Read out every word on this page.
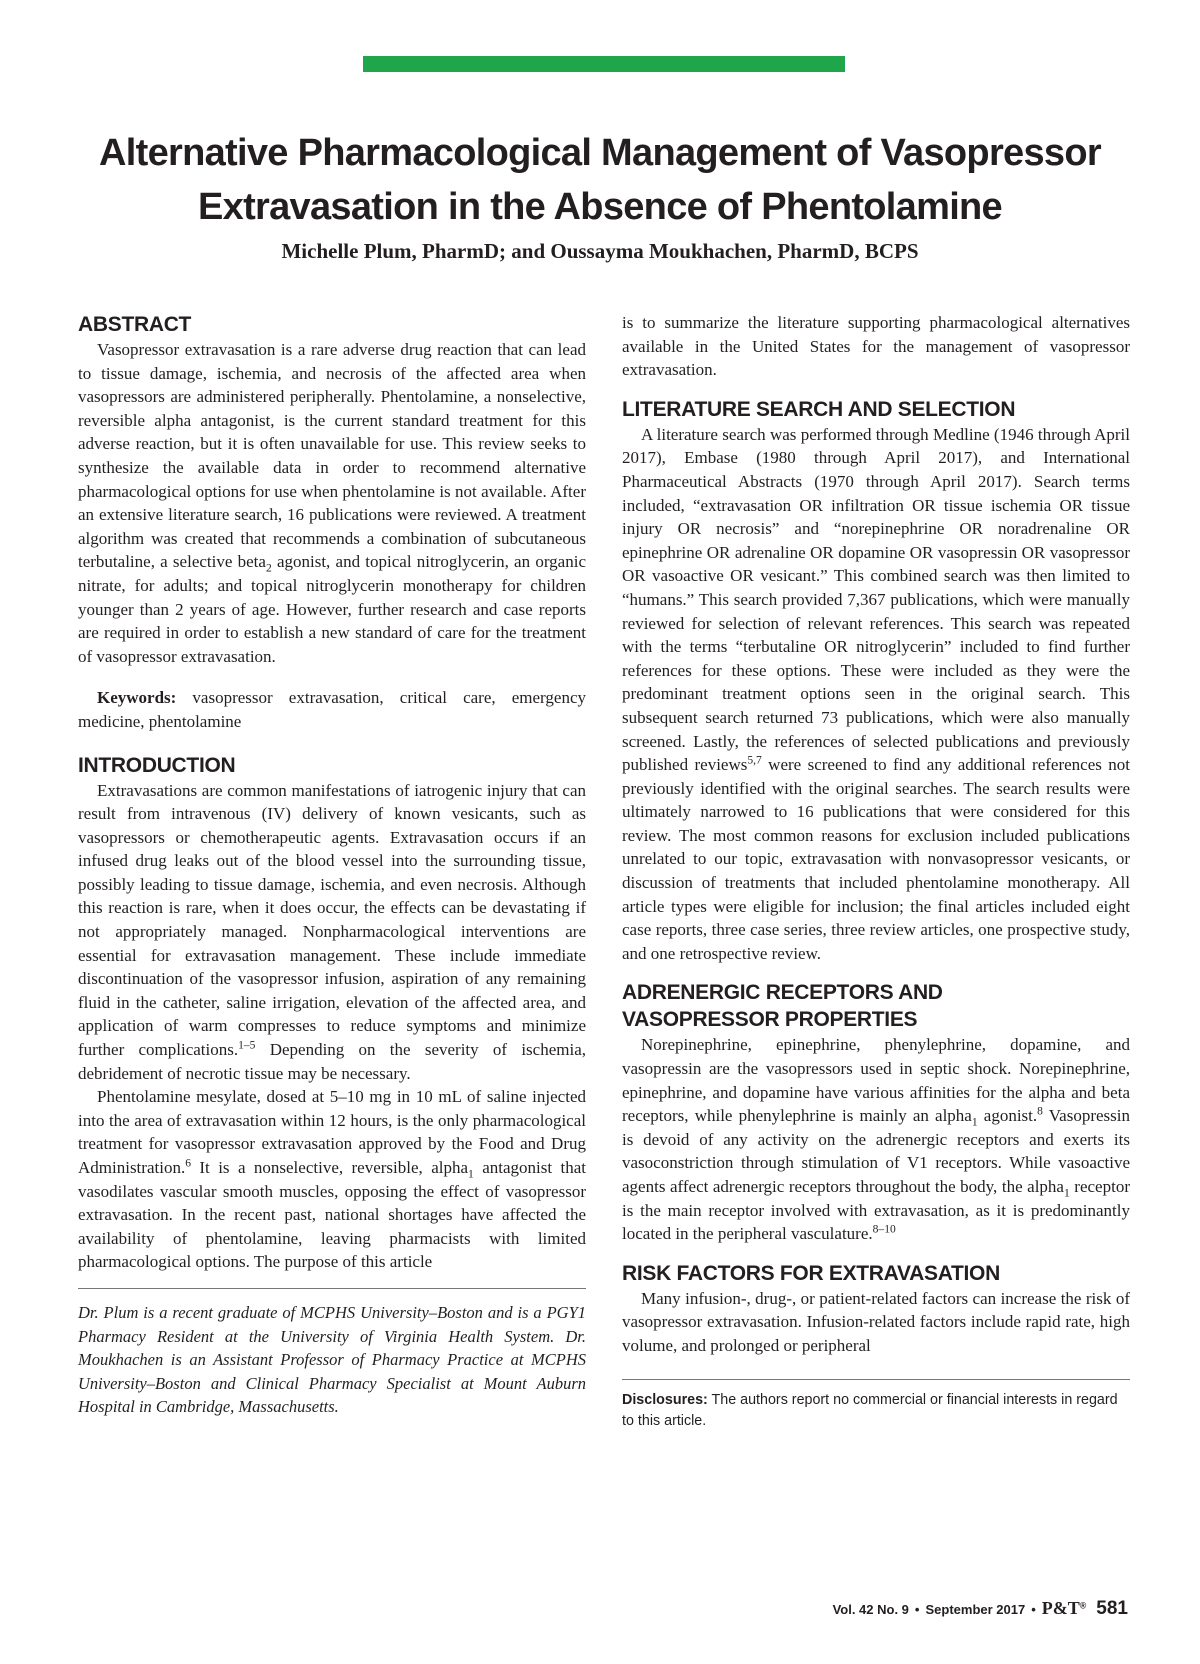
Alternative Pharmacological Management of Vasopressor
Extravasation in the Absence of Phentolamine
Michelle Plum, PharmD; and Oussayma Moukhachen, PharmD, BCPS
ABSTRACT

Vasopressor extravasation is a rare adverse drug reaction that can lead to tissue damage, ischemia, and necrosis of the affected area when vasopressors are administered peripherally. Phentolamine, a nonselective, reversible alpha antagonist, is the current standard treatment for this adverse reaction, but it is often unavailable for use. This review seeks to synthesize the available data in order to recommend alternative pharmacological options for use when phentolamine is not available. After an extensive literature search, 16 publications were reviewed. A treatment algorithm was created that recommends a combination of subcutaneous terbutaline, a selective beta$_2$ agonist, and topical nitroglycerin, an organic nitrate, for adults; and topical nitroglycerin monotherapy for children younger than 2 years of age. However, further research and case reports are required in order to establish a new standard of care for the treatment of vasopressor extravasation.

Keywords: vasopressor extravasation, critical care, emergency medicine, phentolamine

INTRODUCTION

Extravasations are common manifestations of iatrogenic injury that can result from intravenous (IV) delivery of known vesicants, such as vasopressors or chemotherapeutic agents. Extravasation occurs if an infused drug leaks out of the blood vessel into the surrounding tissue, possibly leading to tissue damage, ischemia, and even necrosis. Although this reaction is rare, when it does occur, the effects can be devastating if not appropriately managed. Nonpharmacological interventions are essential for extravasation management. These include immediate discontinuation of the vasopressor infusion, aspiration of any remaining fluid in the catheter, saline irrigation, elevation of the affected area, and application of warm compresses to reduce symptoms and minimize further complications.$^{1-5}$ Depending on the severity of ischemia, debridement of necrotic tissue may be necessary.

Phentolamine mesylate, dosed at 5–10 mg in 10 mL of saline injected into the area of extravasation within 12 hours, is the only pharmacological treatment for vasopressor extravasation approved by the Food and Drug Administration.$^6$ It is a nonselective, reversible, alpha$_1$ antagonist that vasodilates vascular smooth muscles, opposing the effect of vasopressor extravasation. In the recent past, national shortages have affected the availability of phentolamine, leaving pharmacists with limited pharmacological options. The purpose of this article

Dr. Plum is a recent graduate of MCPHS University–Boston and is a PGY1 Pharmacy Resident at the University of Virginia Health System. Dr. Moukhachen is an Assistant Professor of Pharmacy Practice at MCPHS University–Boston and Clinical Pharmacy Specialist at Mount Auburn Hospital in Cambridge, Massachusetts.

is to summarize the literature supporting pharmacological alternatives available in the United States for the management of vasopressor extravasation.

LITERATURE SEARCH AND SELECTION

A literature search was performed through Medline (1946 through April 2017), Embase (1980 through April 2017), and International Pharmaceutical Abstracts (1970 through April 2017). Search terms included, “extravasation OR infiltration OR tissue ischemia OR tissue injury OR necrosis” and “norepinephrine OR noradrenaline OR epinephrine OR adrenaline OR dopamine OR vasopressin OR vasopressor OR vasoactive OR vesicant.” This combined search was then limited to “humans.” This search provided 7,367 publications, which were manually reviewed for selection of relevant references. This search was repeated with the terms “terbutaline OR nitroglycerin” included to find further references for these options. These were included as they were the predominant treatment options seen in the original search. This subsequent search returned 73 publications, which were also manually screened. Lastly, the references of selected publications and previously published reviews$^{5,7}$ were screened to find any additional references not previously identified with the original searches. The search results were ultimately narrowed to 16 publications that were considered for this review. The most common reasons for exclusion included publications unrelated to our topic, extravasation with nonvasopressor vesicants, or discussion of treatments that included phentolamine monotherapy. All article types were eligible for inclusion; the final articles included eight case reports, three case series, three review articles, one prospective study, and one retrospective review.

ADRENERGIC RECEPTORS AND
VASOPRESSOR PROPERTIES

Norepinephrine, epinephrine, phenylephrine, dopamine, and vasopressin are the vasopressors used in septic shock. Norepinephrine, epinephrine, and dopamine have various affinities for the alpha and beta receptors, while phenylephrine is mainly an alpha$_1$ agonist.$^8$ Vasopressin is devoid of any activity on the adrenergic receptors and exerts its vasoconstriction through stimulation of V1 receptors. While vasoactive agents affect adrenergic receptors throughout the body, the alpha$_1$ receptor is the main receptor involved with extravasation, as it is predominantly located in the peripheral vasculature.$^{8-10}$

RISK FACTORS FOR EXTRAVASATION

Many infusion-, drug-, or patient-related factors can increase the risk of vasopressor extravasation. Infusion-related factors include rapid rate, high volume, and prolonged or peripheral

Disclosures: The authors report no commercial or financial interests in regard to this article.
Vol. 42 No. 9 • September 2017 • P&T® 581
